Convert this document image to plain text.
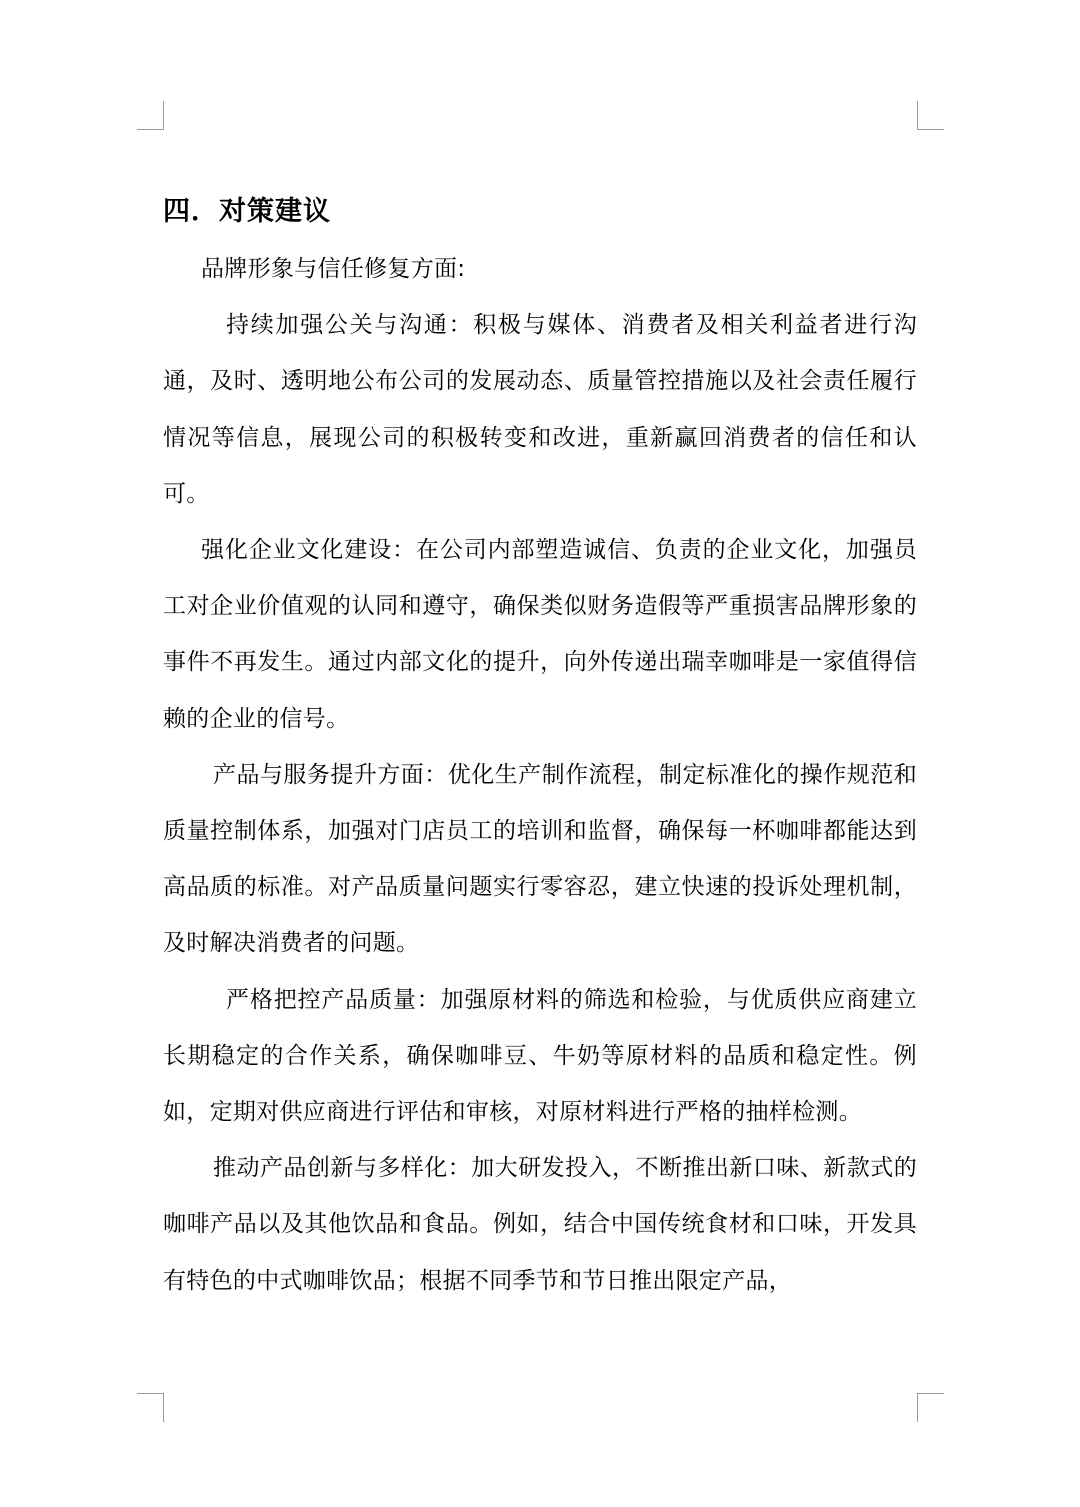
四．对策建议

品牌形象与信任修复方面:

持续加强公关与沟通：积极与媒体、消费者及相关利益者进行沟通，及时、透明地公布公司的发展动态、质量管控措施以及社会责任履行情况等信息，展现公司的积极转变和改进，重新赢回消费者的信任和认可。

强化企业文化建设：在公司内部塑造诚信、负责的企业文化，加强员工对企业价值观的认同和遵守，确保类似财务造假等严重损害品牌形象的事件不再发生。通过内部文化的提升，向外传递出瑞幸咖啡是一家值得信赖的企业的信号。

产品与服务提升方面：优化生产制作流程，制定标准化的操作规范和质量控制体系，加强对门店员工的培训和监督，确保每一杯咖啡都能达到高品质的标准。对产品质量问题实行零容忍，建立快速的投诉处理机制，及时解决消费者的问题。

严格把控产品质量：加强原材料的筛选和检验，与优质供应商建立长期稳定的合作关系，确保咖啡豆、牛奶等原材料的品质和稳定性。例如，定期对供应商进行评估和审核，对原材料进行严格的抽样检测。

推动产品创新与多样化：加大研发投入，不断推出新口味、新款式的咖啡产品以及其他饮品和食品。例如，结合中国传统食材和口味，开发具有特色的中式咖啡饮品；根据不同季节和节日推出限定产品，
